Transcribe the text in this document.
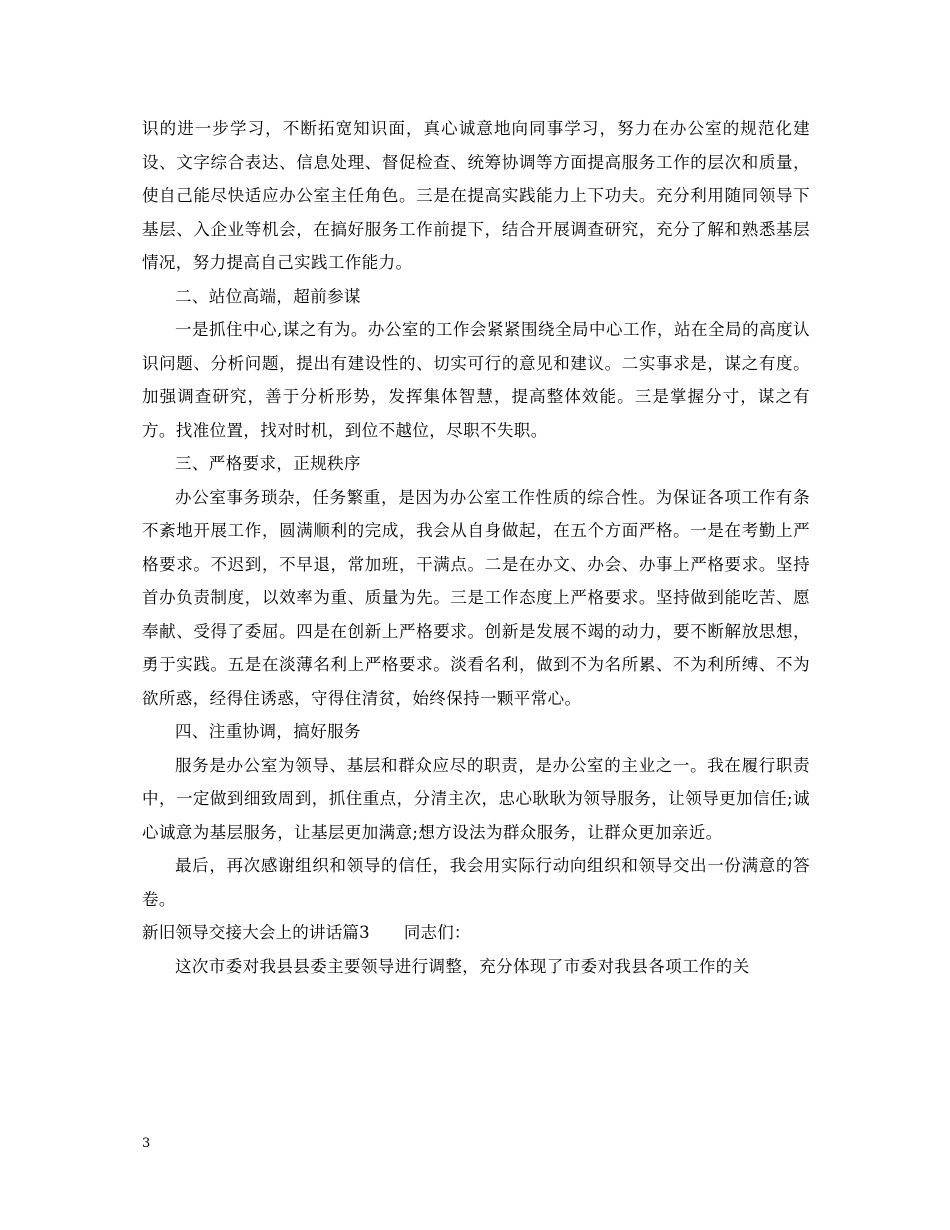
识的进一步学习，不断拓宽知识面，真心诚意地向同事学习，努力在办公室的规范化建设、文字综合表达、信息处理、督促检查、统筹协调等方面提高服务工作的层次和质量，使自己能尽快适应办公室主任角色。三是在提高实践能力上下功夫。充分利用随同领导下基层、入企业等机会，在搞好服务工作前提下，结合开展调查研究，充分了解和熟悉基层情况，努力提高自己实践工作能力。

二、站位高端，超前参谋

一是抓住中心,谋之有为。办公室的工作会紧紧围绕全局中心工作，站在全局的高度认识问题、分析问题，提出有建设性的、切实可行的意见和建议。二实事求是，谋之有度。加强调查研究，善于分析形势，发挥集体智慧，提高整体效能。三是掌握分寸，谋之有方。找准位置，找对时机，到位不越位，尽职不失职。

三、严格要求，正规秩序

办公室事务琐杂，任务繁重，是因为办公室工作性质的综合性。为保证各项工作有条不紊地开展工作，圆满顺利的完成，我会从自身做起，在五个方面严格。一是在考勤上严格要求。不迟到，不早退，常加班，干满点。二是在办文、办会、办事上严格要求。坚持首办负责制度，以效率为重、质量为先。三是工作态度上严格要求。坚持做到能吃苦、愿奉献、受得了委屈。四是在创新上严格要求。创新是发展不竭的动力，要不断解放思想，勇于实践。五是在淡薄名利上严格要求。淡看名利，做到不为名所累、不为利所缚、不为欲所惑，经得住诱惑，守得住清贫，始终保持一颗平常心。

四、注重协调，搞好服务

服务是办公室为领导、基层和群众应尽的职责，是办公室的主业之一。我在履行职责中，一定做到细致周到，抓住重点，分清主次，忠心耿耿为领导服务，让领导更加信任;诚心诚意为基层服务，让基层更加满意;想方设法为群众服务，让群众更加亲近。

最后，再次感谢组织和领导的信任，我会用实际行动向组织和领导交出一份满意的答卷。

新旧领导交接大会上的讲话篇3 同志们：

这次市委对我县县委主要领导进行调整，充分体现了市委对我县各项工作的关

3
